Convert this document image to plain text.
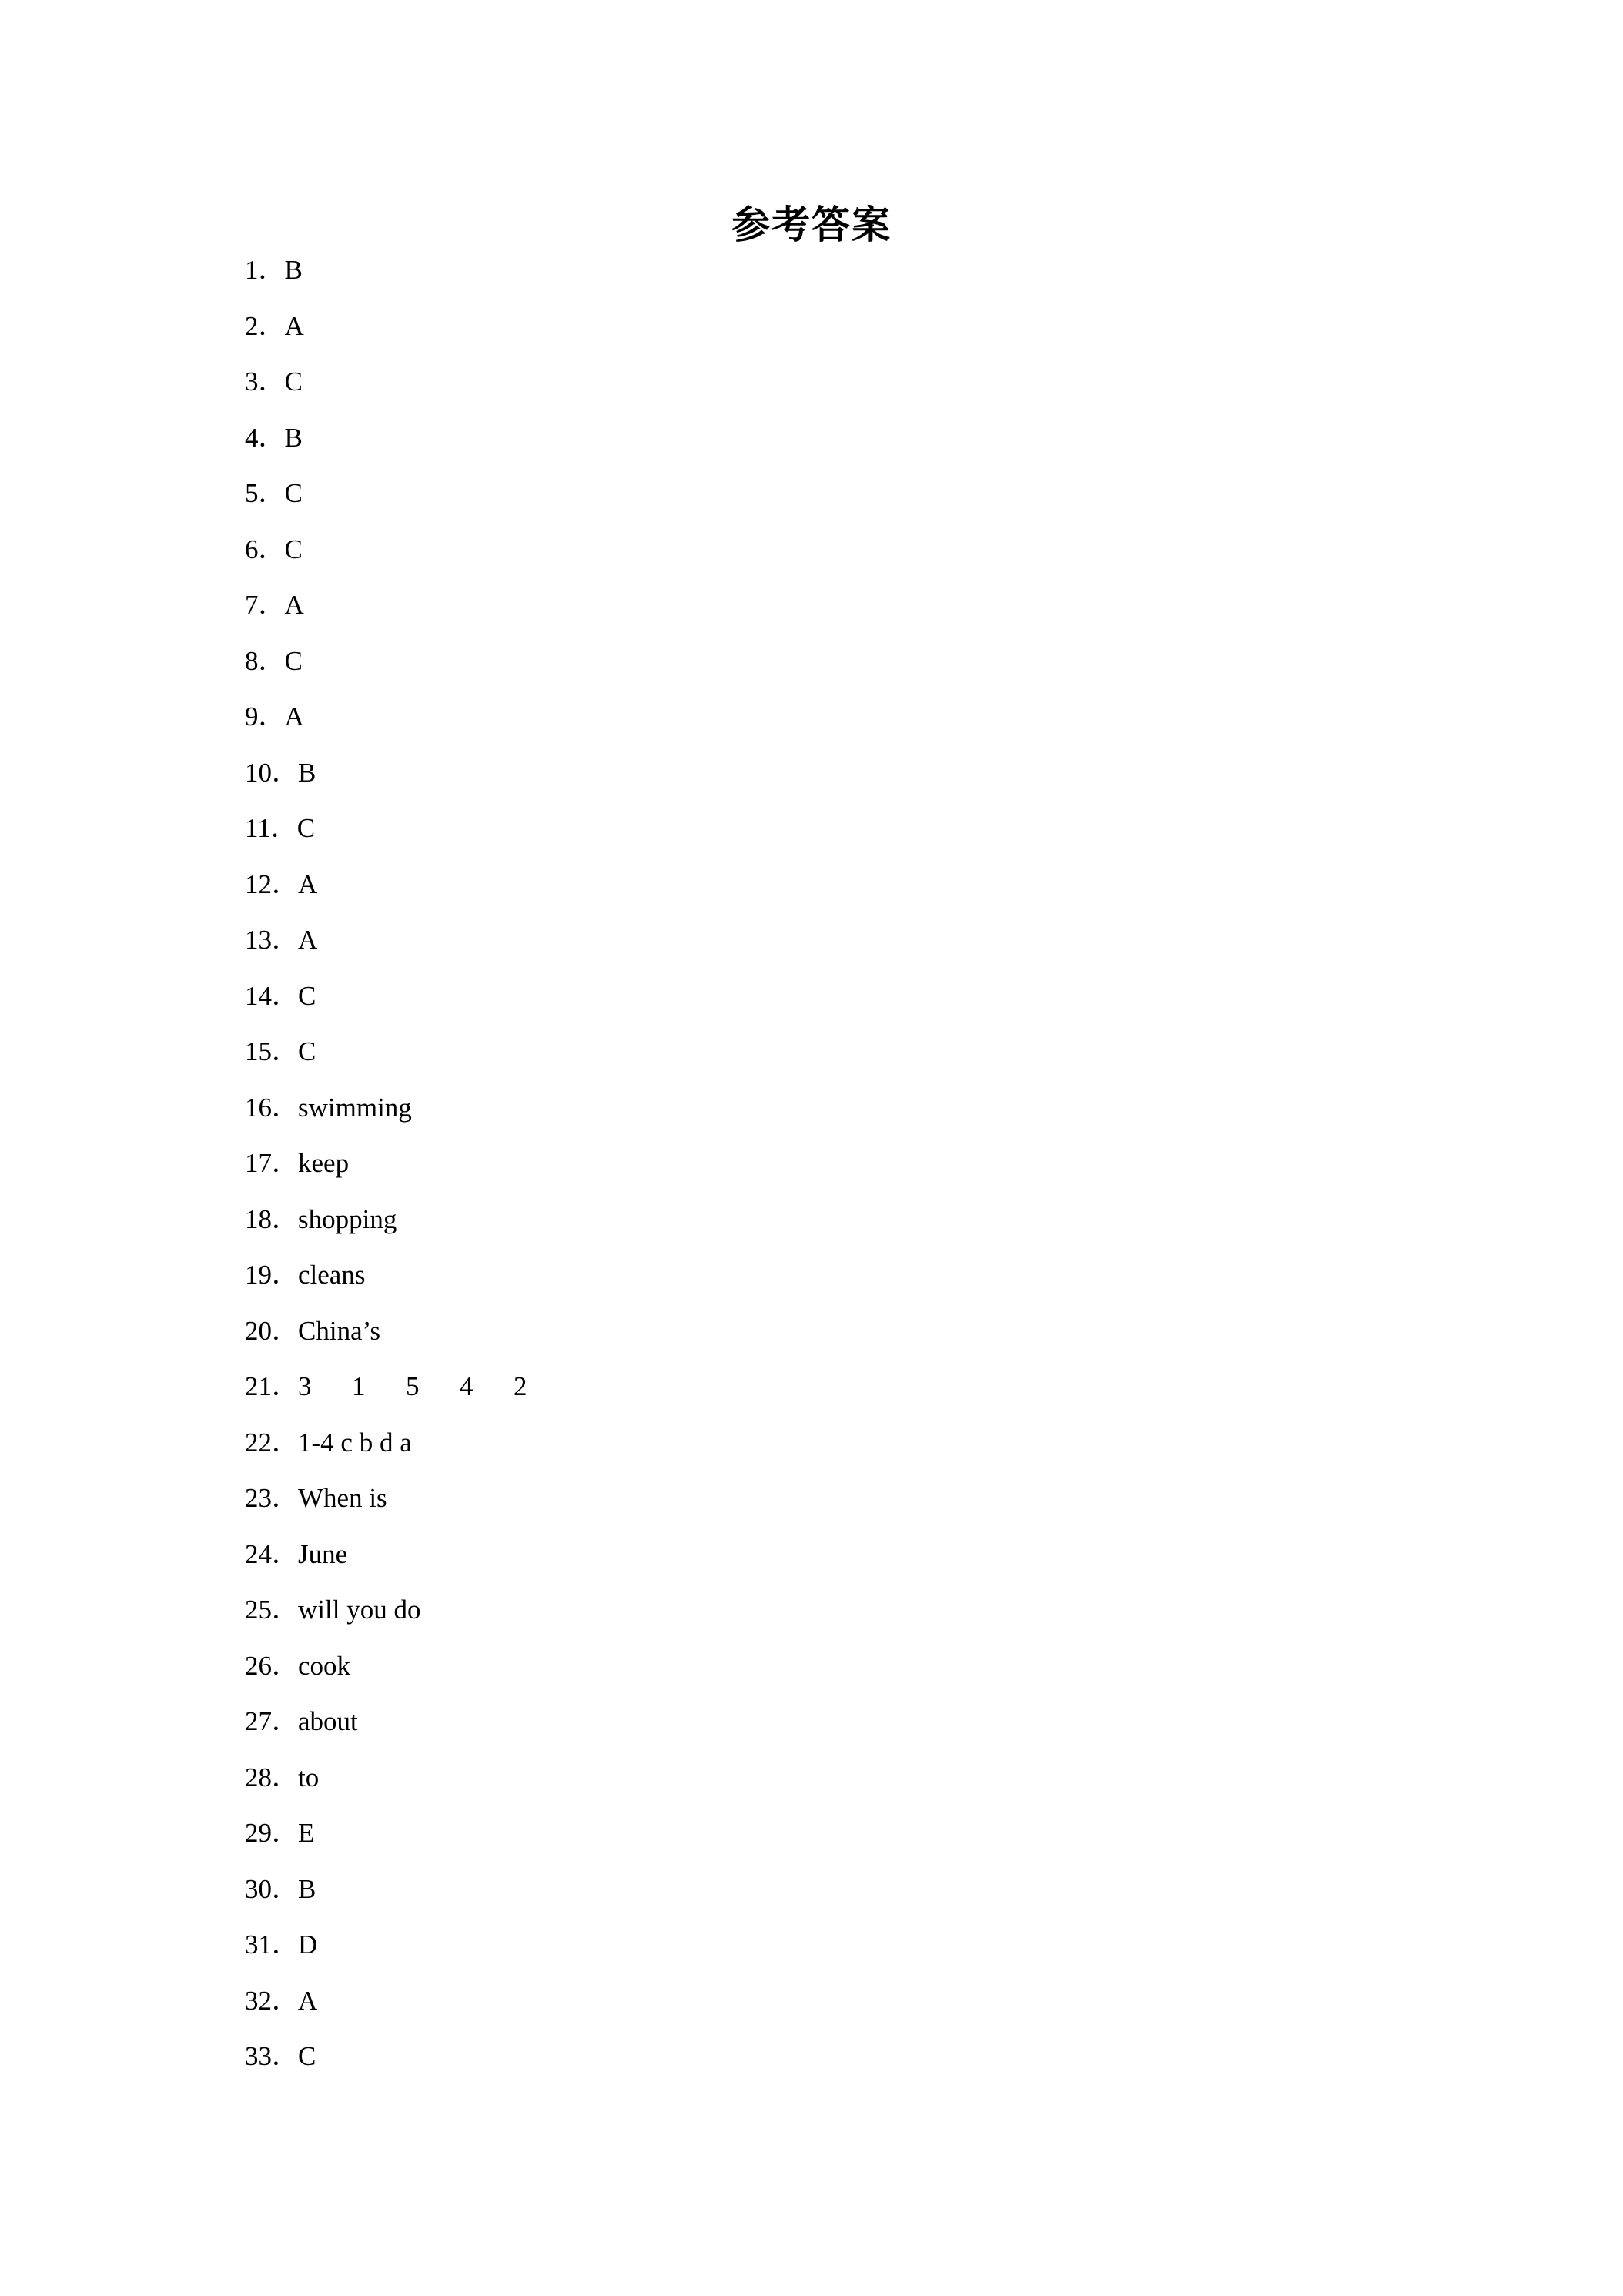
参考答案
1．B
2．A
3．C
4．B
5．C
6．C
7．A
8．C
9．A
10．B
11．C
12．A
13．A
14．C
15．C
16．swimming
17．keep
18．shopping
19．cleans
20．China’s
21．3      1      5      4      2
22．1-4 c b d a
23．When is
24．June
25．will you do
26．cook
27．about
28．to
29．E
30．B
31．D
32．A
33．C
